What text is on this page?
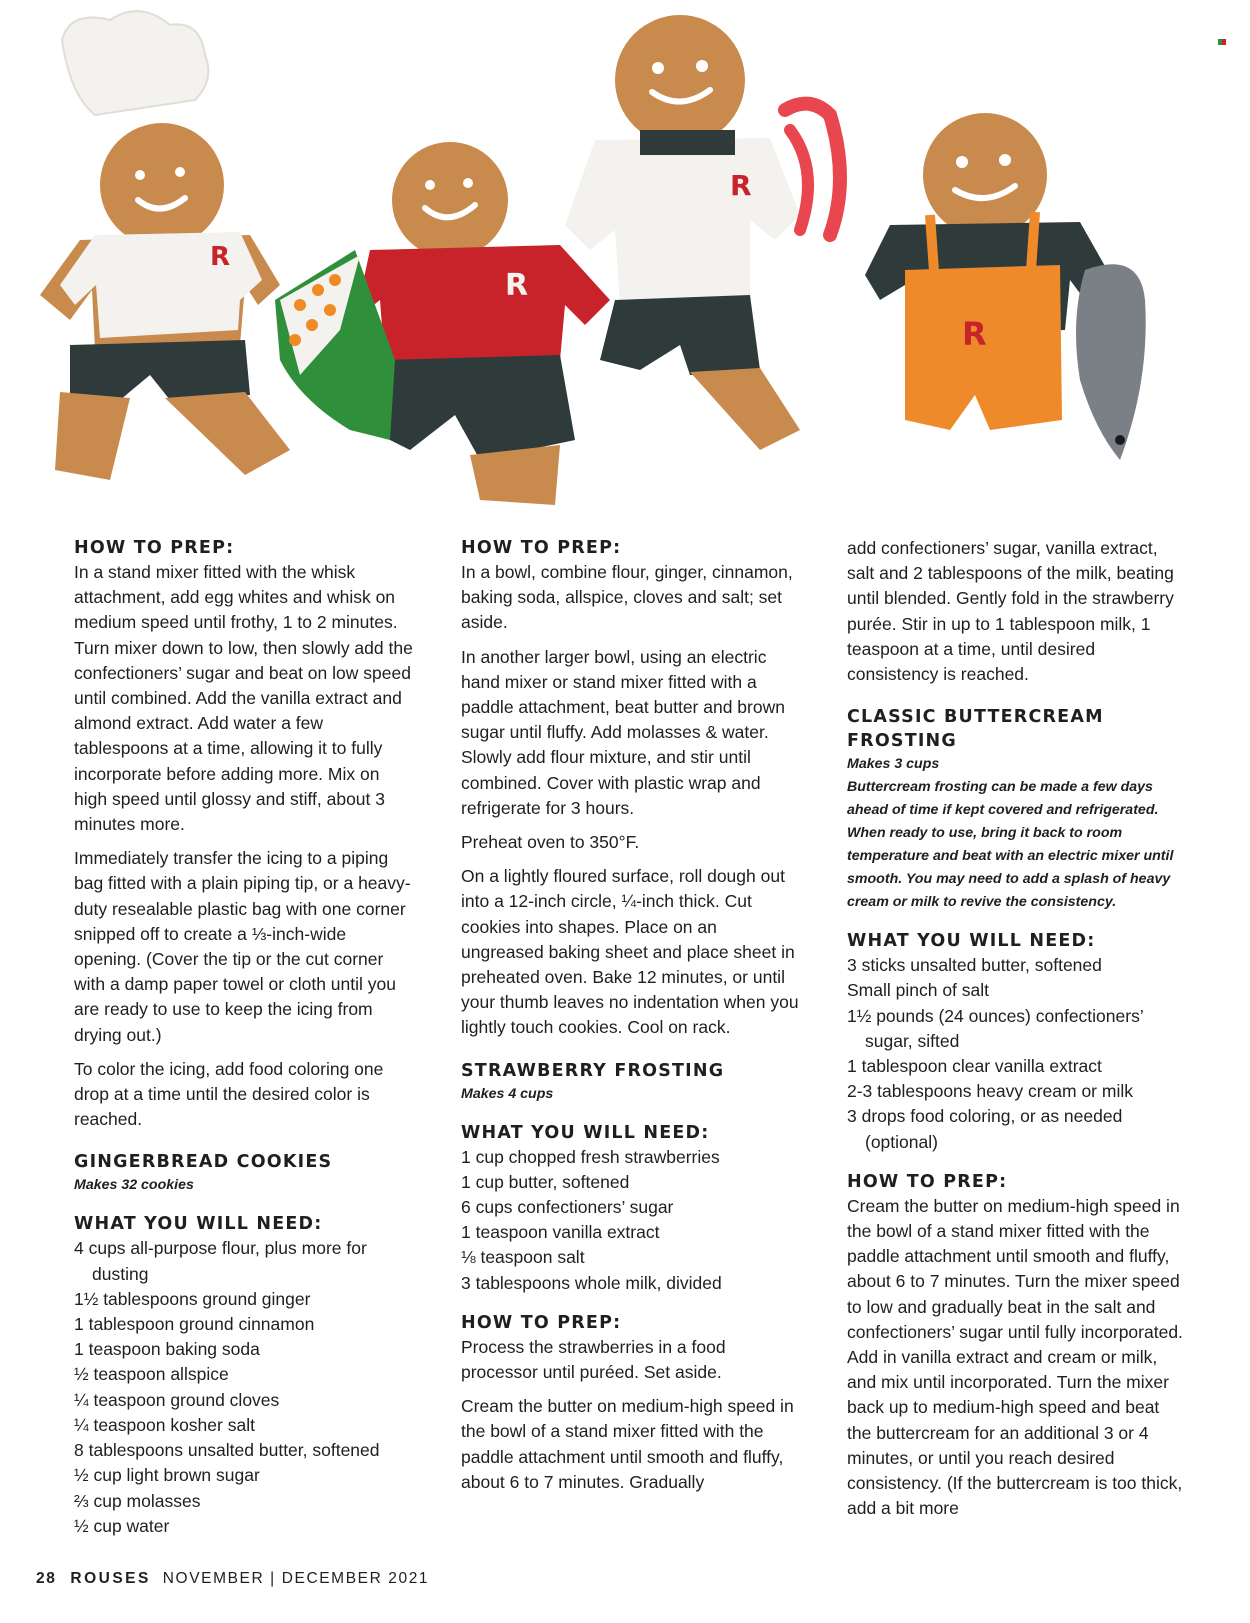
R
R
R
R

HOW TO PREP:

In a stand mixer fitted with the whisk attachment, add egg whites and whisk on medium speed until frothy, 1 to 2 minutes. Turn mixer down to low, then slowly add the confectioners’ sugar and beat on low speed until combined. Add the vanilla extract and almond extract. Add water a few tablespoons at a time, allowing it to fully incorporate before adding more. Mix on high speed until glossy and stiff, about 3 minutes more.

Immediately transfer the icing to a piping bag fitted with a plain piping tip, or a heavy-duty resealable plastic bag with one corner snipped off to create a ⅓-inch-wide opening. (Cover the tip or the cut corner with a damp paper towel or cloth until you are ready to use to keep the icing from drying out.)

To color the icing, add food coloring one drop at a time until the desired color is reached.

GINGERBREAD COOKIES

Makes 32 cookies

WHAT YOU WILL NEED:

4 cups all-purpose flour, plus more for dusting
1½ tablespoons ground ginger
1 tablespoon ground cinnamon
1 teaspoon baking soda
½ teaspoon allspice
¼ teaspoon ground cloves
¼ teaspoon kosher salt
8 tablespoons unsalted butter, softened
½ cup light brown sugar
⅔ cup molasses
½ cup water

HOW TO PREP:

In a bowl, combine flour, ginger, cinnamon, baking soda, allspice, cloves and salt; set aside.

In another larger bowl, using an electric hand mixer or stand mixer fitted with a paddle attachment, beat butter and brown sugar until fluffy. Add molasses & water. Slowly add flour mixture, and stir until combined. Cover with plastic wrap and refrigerate for 3 hours.

Preheat oven to 350°F.

On a lightly floured surface, roll dough out into a 12-inch circle, ¼-inch thick. Cut cookies into shapes. Place on an ungreased baking sheet and place sheet in preheated oven. Bake 12 minutes, or until your thumb leaves no indentation when you lightly touch cookies. Cool on rack.

STRAWBERRY FROSTING

Makes 4 cups

WHAT YOU WILL NEED:

1 cup chopped fresh strawberries
1 cup butter, softened
6 cups confectioners’ sugar
1 teaspoon vanilla extract
⅛ teaspoon salt
3 tablespoons whole milk, divided

HOW TO PREP:

Process the strawberries in a food processor until puréed. Set aside.

Cream the butter on medium-high speed in the bowl of a stand mixer fitted with the paddle attachment until smooth and fluffy, about 6 to 7 minutes. Gradually

add confectioners’ sugar, vanilla extract, salt and 2 tablespoons of the milk, beating until blended. Gently fold in the strawberry purée. Stir in up to 1 tablespoon milk, 1 teaspoon at a time, until desired consistency is reached.

CLASSIC BUTTERCREAM FROSTING

Makes 3 cups

Buttercream frosting can be made a few days ahead of time if kept covered and refrigerated. When ready to use, bring it back to room temperature and beat with an electric mixer until smooth. You may need to add a splash of heavy cream or milk to revive the consistency.

WHAT YOU WILL NEED:

3 sticks unsalted butter, softened
Small pinch of salt
1½ pounds (24 ounces) confectioners’ sugar, sifted
1 tablespoon clear vanilla extract
2-3 tablespoons heavy cream or milk
3 drops food coloring, or as needed (optional)

HOW TO PREP:

Cream the butter on medium-high speed in the bowl of a stand mixer fitted with the paddle attachment until smooth and fluffy, about 6 to 7 minutes. Turn the mixer speed to low and gradually beat in the salt and confectioners’ sugar until fully incorporated. Add in vanilla extract and cream or milk, and mix until incorporated. Turn the mixer back up to medium-high speed and beat the buttercream for an additional 3 or 4 minutes, or until you reach desired consistency. (If the buttercream is too thick, add a bit more

28 ROUSES NOVEMBER | DECEMBER 2021
